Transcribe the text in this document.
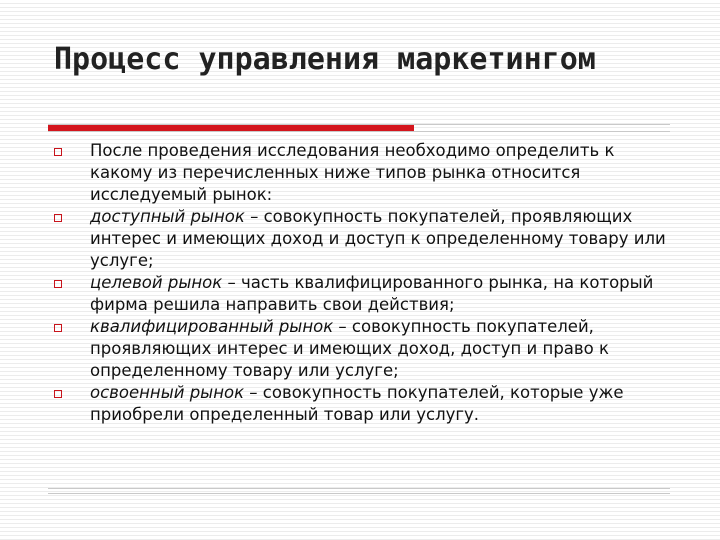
Процесс управления маркетингом
После проведения исследования необходимо определить к какому из перечисленных ниже типов рынка относится исследуемый рынок:
доступный рынок – совокупность покупателей, проявляющих интерес и имеющих доход и доступ к определенному товару или услуге;
целевой рынок – часть квалифицированного рынка, на который фирма решила направить свои действия;
квалифицированный рынок – совокупность покупателей, проявляющих интерес и имеющих доход, доступ и право к определенному товару или услуге;
освоенный рынок – совокупность покупателей, которые уже приобрели определенный товар или услугу.
